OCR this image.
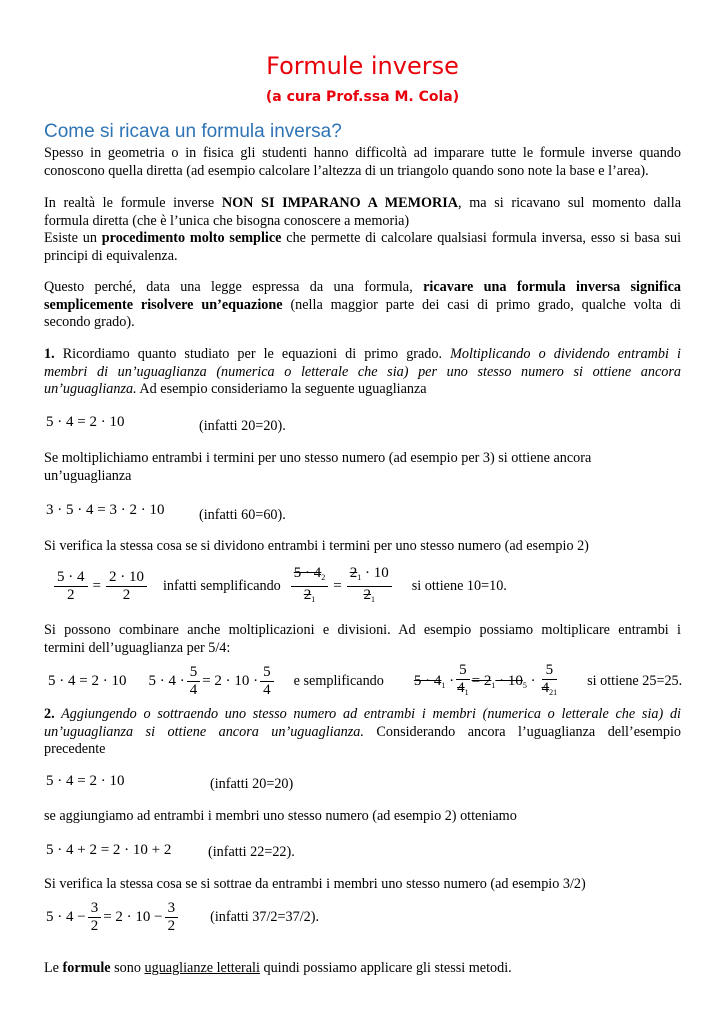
Formule inverse
(a cura Prof.ssa M. Cola)
Come si ricava un formula inversa?
Spesso in geometria o in fisica gli studenti hanno difficoltà ad imparare tutte le formule inverse quando
conoscono quella diretta (ad esempio calcolare l’altezza di un triangolo quando sono note la base e l’area).
In realtà le formule inverse NON SI IMPARANO A MEMORIA, ma si ricavano sul momento dalla
formula diretta (che è l’unica che bisogna conoscere a memoria)
Esiste un procedimento molto semplice che permette di calcolare qualsiasi formula inversa, esso si basa sui
principi di equivalenza.
Questo perché, data una legge espressa da una formula, ricavare una formula inversa significa
semplicemente risolvere un’equazione (nella maggior parte dei casi di primo grado, qualche volta di
secondo grado).
1. Ricordiamo quanto studiato per le equazioni di primo grado. Moltiplicando o dividendo entrambi i
membri di un’uguaglianza (numerica o letterale che sia) per uno stesso numero si ottiene ancora
un’uguaglianza. Ad esempio consideriamo la seguente uguaglianza
5 · 4 = 2 · 10	(infatti 20=20).
Se moltiplichiamo entrambi i termini per uno stesso numero (ad esempio per 3) si ottiene ancora
un’uguaglianza
3 · 5 · 4 = 3 · 2 · 10 (infatti 60=60).
Si verifica la stessa cosa se si dividono entrambi i termini per uno stesso numero (ad esempio 2)
$\frac{5 \cdot 4}{2} = \frac{2 \cdot 10}{2}$ infatti semplificando $\frac{5 \cdot 4_2}{2_1} = \frac{2_1 \cdot 10}{2_1}$ si ottiene 10=10.
Si possono combinare anche moltiplicazioni e divisioni. Ad esempio possiamo moltiplicare entrambi i
termini dell’uguaglianza per 5/4:
5 · 4 = 2 · 10 $5 \cdot 4 \cdot \frac{5}{4} = 2 \cdot 10 \cdot \frac{5}{4}$ e semplificando $5 \cdot 4_1 \cdot \frac{5}{4_1} = 2_1 \cdot 10_5 \cdot \frac{5}{4_{21}}$ si ottiene 25=25.
2. Aggiungendo o sottraendo uno stesso numero ad entrambi i membri (numerica o letterale che sia) di
un’uguaglianza si ottiene ancora un’uguaglianza. Considerando ancora l’uguaglianza dell’esempio
precedente
5 · 4 = 2 · 10	(infatti 20=20)
se aggiungiamo ad entrambi i membri uno stesso numero (ad esempio 2) otteniamo
5 · 4 + 2 = 2 · 10 + 2	(infatti 22=22).
Si verifica la stessa cosa se si sottrae da entrambi i membri uno stesso numero (ad esempio 3/2)
$5 \cdot 4 - \frac{3}{2} = 2 \cdot 10 - \frac{3}{2}$ (infatti 37/2=37/2).
Le formule sono uguaglianze letterali quindi possiamo applicare gli stessi metodi.
